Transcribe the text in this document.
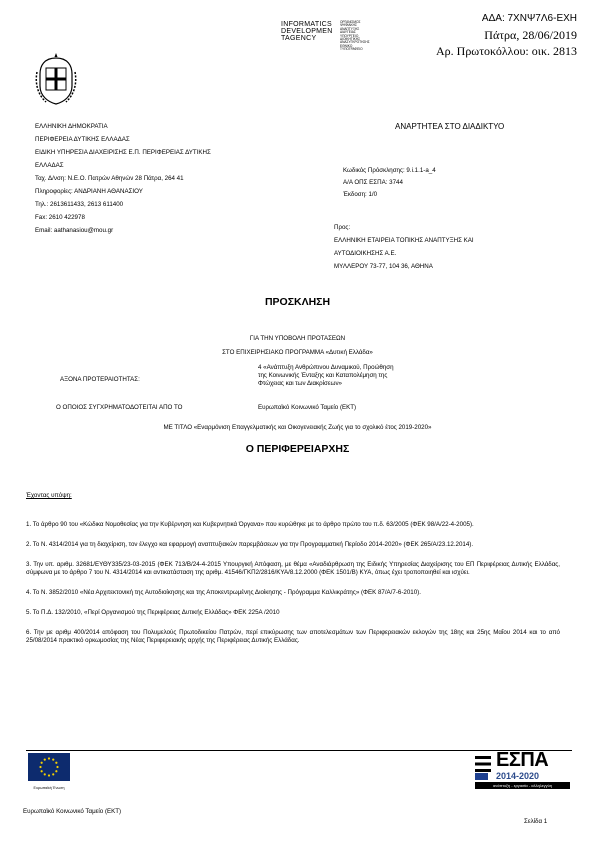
INFORMATICS
DEVELOPMEN
TAGENCY
ΟΡΓΑΝΙΣΜΟΣ
ΨΗΦΙΑΚΗΣ
ΑΝΑΠΤΥΞΗΣ
ΔΙΑΥΓΕΙΑΣ
ΥΠΟΥΡΓΕΙΟ
ΔΙΟΙΚΗΤΙΚΗΣ
ΑΝΑΣΥΓΚΡΟΤΗΣΗΣ
ΕΘΝΙΚΟ
ΤΥΠΟΓΡΑΦΕΙΟ
ΑΔΑ: 7ΧΝΨ7Λ6-ΕΧΗ
Πάτρα, 28/06/2019
Αρ. Πρωτοκόλλου: οικ. 2813
ΕΛΛΗΝΙΚΗ ΔΗΜΟΚΡΑΤΙΑ
ΠΕΡΙΦΕΡΕΙΑ ΔΥΤΙΚΗΣ ΕΛΛΑΔΑΣ
ΕΙΔΙΚΗ ΥΠΗΡΕΣΙΑ ΔΙΑΧΕΙΡΙΣΗΣ Ε.Π. ΠΕΡΙΦΕΡΕΙΑΣ ΔΥΤΙΚΗΣ
ΕΛΛΑΔΑΣ
Ταχ. Δ/νση: Ν.Ε.Ο. Πατρών Αθηνών 28 Πάτρα, 264 41
Πληροφορίες: ΑΝΔΡΙΑΝΗ ΑΘΑΝΑΣΙΟΥ
Τηλ.: 2613611433, 2613 611400
Fax: 2610 422978
Email: aathanasiou@mou.gr
ΑΝΑΡΤΗΤΕΑ ΣΤΟ ΔΙΑΔΙΚΤΥΟ
Κωδικός Πρόσκλησης: 9.i.1.1-a_4
Α/Α ΟΠΣ ΕΣΠΑ: 3744
Έκδοση: 1/0
Προς:
ΕΛΛΗΝΙΚΗ ΕΤΑΙΡΕΙΑ ΤΟΠΙΚΗΣ ΑΝΑΠΤΥΞΗΣ ΚΑΙ
ΑΥΤΟΔΙΟΙΚΗΣΗΣ Α.Ε.
ΜΥΛΛΕΡΟΥ 73-77, 104 36, ΑΘΗΝΑ
ΠΡΟΣΚΛΗΣΗ
ΓΙΑ ΤΗΝ ΥΠΟΒΟΛΗ ΠΡΟΤΑΣΕΩΝ
ΣΤΟ ΕΠΙΧΕΙΡΗΣΙΑΚΟ ΠΡΟΓΡΑΜΜΑ «Δυτική Ελλάδα»
ΑΞΟΝΑ ΠΡΟΤΕΡΑΙΟΤΗΤΑΣ:
4 «Ανάπτυξη Ανθρώπινου Δυναμικού, Προώθηση
της Κοινωνικής Ένταξης και Καταπολέμηση της
Φτώχειας και των Διακρίσεων»
Ο ΟΠΟΙΟΣ ΣΥΓΧΡΗΜΑΤΟΔΟΤΕΙΤΑΙ ΑΠΟ ΤΟ	Ευρωπαϊκό Κοινωνικό Ταμείο (ΕΚΤ)
ΜΕ ΤΙΤΛΟ «Εναρμόνιση Επαγγελματικής και Οικογενειακής Ζωής για το σχολικό έτος 2019-2020»
Ο ΠΕΡΙΦΕΡΕΙΑΡΧΗΣ
Έχοντας υπόψη:
1. Το άρθρο 90 του «Κώδικα Νομοθεσίας για την Κυβέρνηση και Κυβερνητικά Όργανα» που κυρώθηκε με το άρθρο πρώτο του π.δ. 63/2005 (ΦΕΚ 98/Α/22-4-2005).
2. Το Ν. 4314/2014 για τη διαχείριση, τον έλεγχο και εφαρμογή αναπτυξιακών παρεμβάσεων για την Προγραμματική Περίοδο 2014-2020» (ΦΕΚ 265/Α/23.12.2014).
3. Την υπ. αριθμ. 32681/ΕΥΘΥ335/23-03-2015 (ΦΕΚ 713/Β/24-4-2015 Υπουργική Απόφαση, με θέμα «Αναδιάρθρωση της Ειδικής Υπηρεσίας Διαχείρισης του ΕΠ Περιφέρειας Δυτικής Ελλάδας, σύμφωνα με το άρθρο 7 του Ν. 4314/2014 και αντικατάσταση της αριθμ. 41546/ΓΚΠ2/2816/ΚΥΑ/8.12.2000 (ΦΕΚ 1501/Β) ΚΥΑ, όπως έχει τροποποιηθεί και ισχύει.
4. Το Ν. 3852/2010 «Νέα Αρχιτεκτονική της Αυτοδιοίκησης και της Αποκεντρωμένης Διοίκησης - Πρόγραμμα Καλλικράτης» (ΦΕΚ 87/Α/7-6-2010).
5. Το Π.Δ. 132/2010, «Περί Οργανισμού της Περιφέρειας Δυτικής Ελλάδας» ΦΕΚ 225Α /2010
6. Την με αριθμ 400/2014 απόφαση του Πολυμελούς Πρωτοδικείου Πατρών, περί επικύρωσης των αποτελεσμάτων των Περιφερειακών εκλογών της 18ης και 25ης Μαΐου 2014 και το από 25/08/2014 πρακτικό ορκωμοσίας της Νέας Περιφερειακής αρχής της Περιφέρειας Δυτικής Ελλάδας.
Ευρωπαϊκή Ένωση
ΕΣΠΑ
2014-2020
ανάπτυξη - εργασία - αλληλεγγύη
Ευρωπαϊκό Κοινωνικό Ταμείο (ΕΚΤ)
Σελίδα 1
